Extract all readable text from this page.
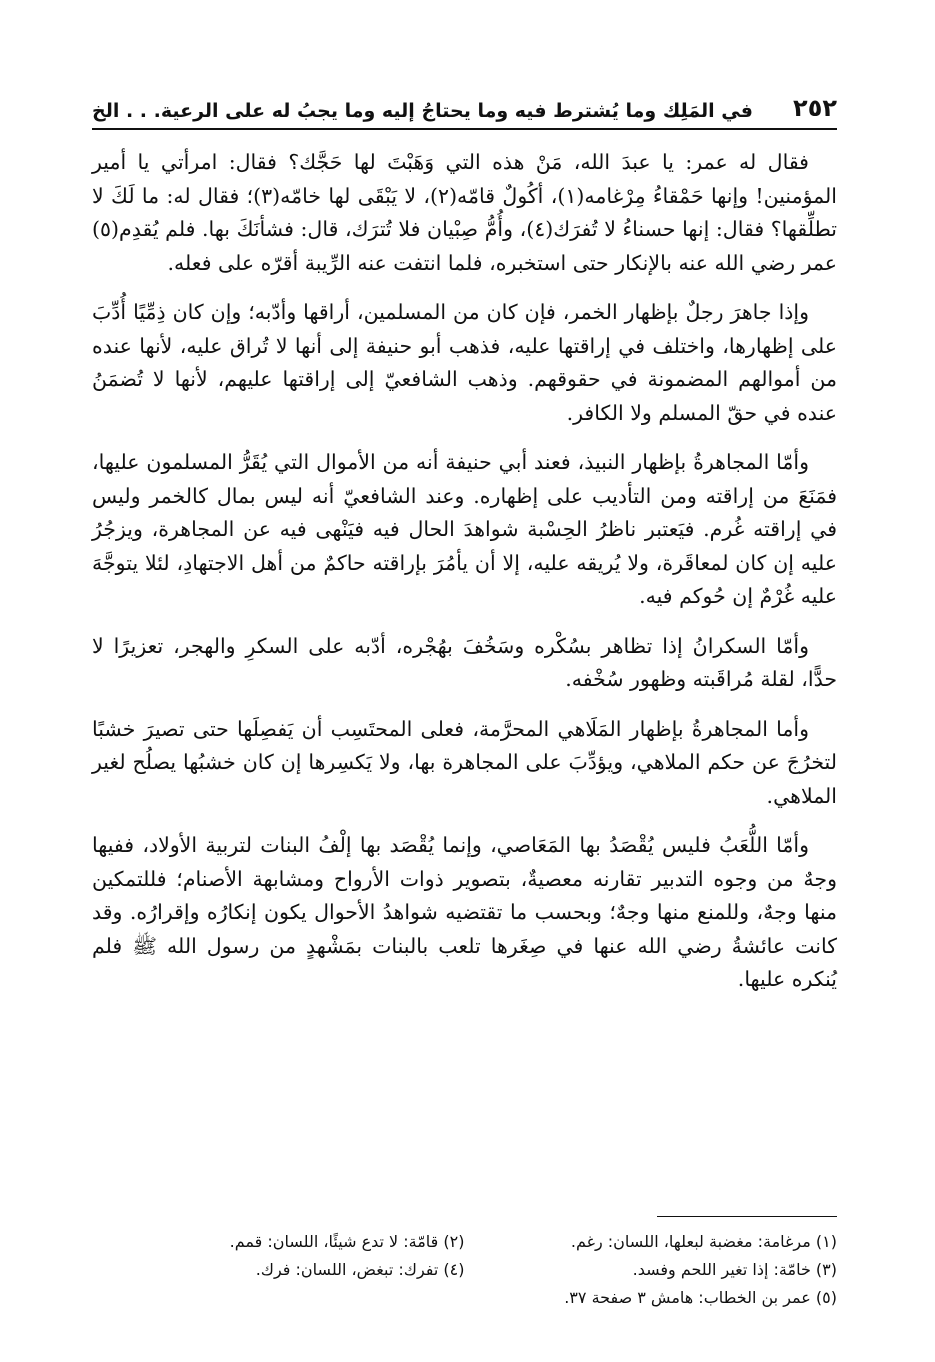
٢٥٢
في المَلِك وما يُشترط فيه وما يحتاجُ إليه وما يجبُ له على الرعية. . . الخ

فقال له عمر: يا عبدَ الله، مَنْ هذه التي وَهَبْتَ لها حَجَّك؟ فقال: امرأتي يا أمير المؤمنين! وإنها حَمْقاءُ مِرْغامه(١)، أكُولٌ قامّه(٢)، لا يَبْقَى لها خامّه(٣)؛ فقال له: ما لَكَ لا تطلِّقها؟ فقال: إنها حسناءُ لا تُفرَك(٤)، وأُمُّ صِبْيان فلا تُترَك، قال: فشأنَكَ بها. فلم يُقدِم(٥) عمر رضي الله عنه بالإنكار حتى استخبره، فلما انتفت عنه الرِّيبة أقرّه على فعله.

وإذا جاهرَ رجلٌ بإظهار الخمر، فإن كان من المسلمين، أراقها وأدّبه؛ وإن كان ذِمِّيًا أُدِّبَ على إظهارها، واختلف في إراقتها عليه، فذهب أبو حنيفة إلى أنها لا تُراق عليه، لأنها عنده من أموالهم المضمونة في حقوقهم. وذهب الشافعيّ إلى إراقتها عليهم، لأنها لا تُضمَنُ عنده في حقّ المسلم ولا الكافر.

وأمّا المجاهرةُ بإظهار النبيذ، فعند أبي حنيفة أنه من الأموال التي يُقَرُّ المسلمون عليها، فمَنَعَ من إراقته ومن التأديب على إظهاره. وعند الشافعيّ أنه ليس بمال كالخمر وليس في إراقته غُرم. فيَعتبر ناظرُ الحِسْبة شواهدَ الحال فيه فيَنْهى فيه عن المجاهرة، ويزجُرُ عليه إن كان لمعاقَرة، ولا يُريقه عليه، إلا أن يأمُرَ بإراقته حاكمٌ من أهل الاجتهادِ، لئلا يتوجَّهَ عليه غُرْمٌ إن حُوكم فيه.

وأمّا السكرانُ إذا تظاهر بسُكْره وسَخُفَ بهُجْره، أدّبه على السكرِ والهجر، تعزيرًا لا حدًّا، لقلة مُراقَبته وظهور سُخْفه.

وأما المجاهرةُ بإظهار المَلَاهي المحرَّمة، فعلى المحتَسِب أن يَفصِلَها حتى تصيرَ خشبًا لتخرُجَ عن حكم الملاهي، ويؤدِّبَ على المجاهرة بها، ولا يَكسِرها إن كان خشبُها يصلُح لغير الملاهي.

وأمّا اللُّعَبُ فليس يُقْصَدُ بها المَعَاصي، وإنما يُقْصَد بها إلْفُ البنات لتربية الأولاد، ففيها وجهٌ من وجوه التدبير تقارنه معصيةٌ، بتصوير ذوات الأرواح ومشابهة الأصنام؛ فللتمكين منها وجهٌ، وللمنع منها وجهٌ؛ وبحسب ما تقتضيه شواهدُ الأحوال يكون إنكارُه وإقرارُه. وقد كانت عائشةُ رضي الله عنها في صِغَرها تلعب بالبنات بمَشْهدٍ من رسول الله ﷺ فلم يُنكره عليها.

(١) مرغامة: مغضبة لبعلها، اللسان: رغم.
(٢) قامّة: لا تدع شيئًا، اللسان: قمم.
(٣) خامّة: إذا تغير اللحم وفسد.
(٤) تفرك: تبغض، اللسان: فرك.
(٥) عمر بن الخطاب: هامش ٣ صفحة ٣٧.
